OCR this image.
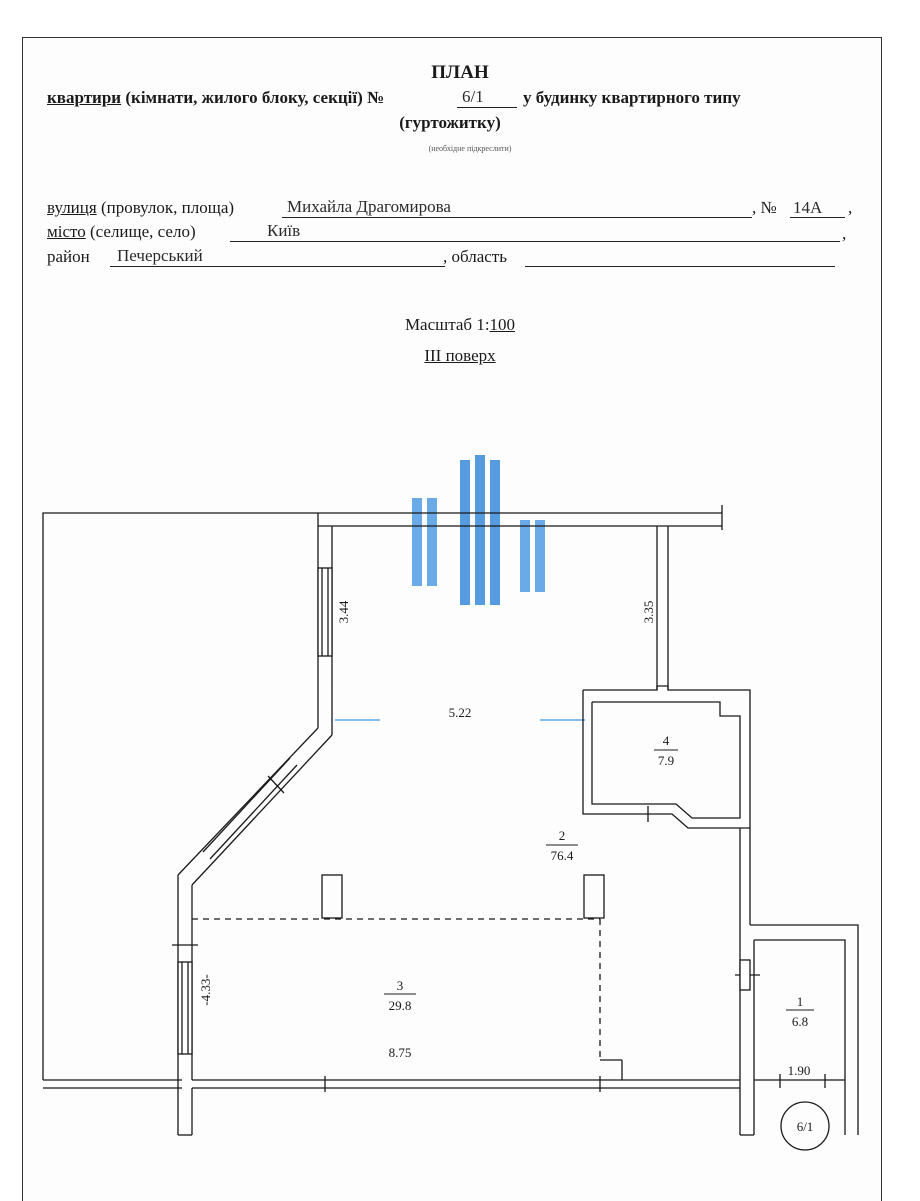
ПЛАН
квартири (кімнати, жилого блоку, секції) №	6/1 у будинку квартирного типу
(гуртожитку)
(необхідне підкреслити)
вулиця (провулок, площа)	Михайла Драгомирова	, № 14А ,
місто (селище, село)	Київ	,
район Печерський	, область
Масштаб 1:100
ІІІ поверх
3.44	3.35
5.22
-4.33-
8.75
1.90
4
7.9
2
76.4
3
29.8	1
6.8
6/1
